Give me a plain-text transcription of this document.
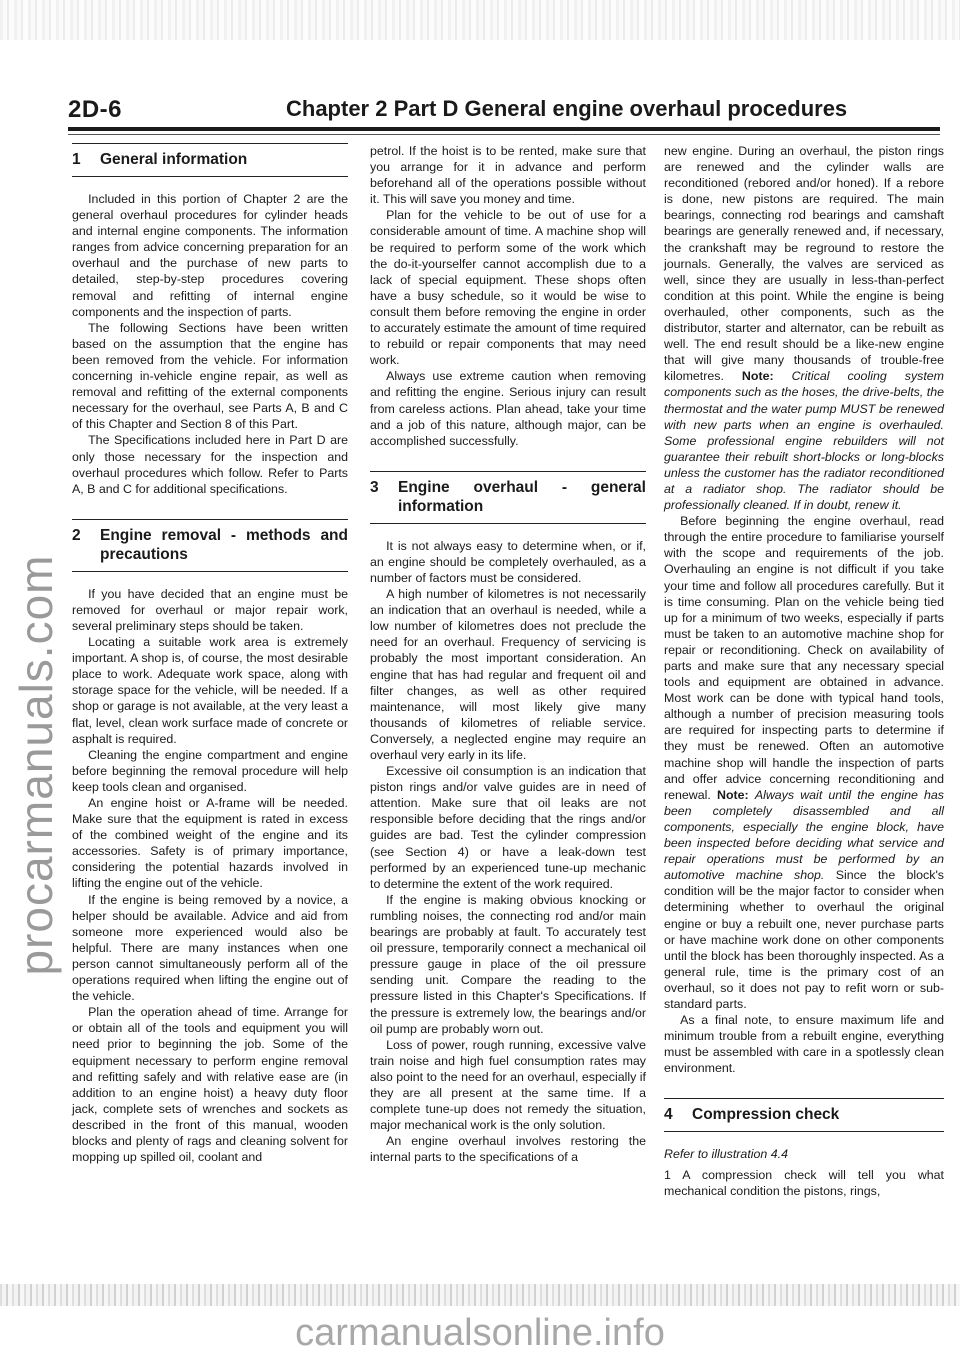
2D-6	Chapter 2 Part D General engine overhaul procedures
1	General information

Included in this portion of Chapter 2 are the general overhaul procedures for cylinder heads and internal engine components. The information ranges from advice concerning preparation for an overhaul and the purchase of new parts to detailed, step-by-step procedures covering removal and refitting of internal engine components and the inspection of parts.

The following Sections have been written based on the assumption that the engine has been removed from the vehicle. For information concerning in-vehicle engine repair, as well as removal and refitting of the external components necessary for the overhaul, see Parts A, B and C of this Chapter and Section 8 of this Part.

The Specifications included here in Part D are only those necessary for the inspection and overhaul procedures which follow. Refer to Parts A, B and C for additional specifications.

2	Engine removal - methods and precautions

If you have decided that an engine must be removed for overhaul or major repair work, several preliminary steps should be taken.

Locating a suitable work area is extremely important. A shop is, of course, the most desirable place to work. Adequate work space, along with storage space for the vehicle, will be needed. If a shop or garage is not available, at the very least a flat, level, clean work surface made of concrete or asphalt is required.

Cleaning the engine compartment and engine before beginning the removal procedure will help keep tools clean and organised.

An engine hoist or A-frame will be needed. Make sure that the equipment is rated in excess of the combined weight of the engine and its accessories. Safety is of primary importance, considering the potential hazards involved in lifting the engine out of the vehicle.

If the engine is being removed by a novice, a helper should be available. Advice and aid from someone more experienced would also be helpful. There are many instances when one person cannot simultaneously perform all of the operations required when lifting the engine out of the vehicle.

Plan the operation ahead of time. Arrange for or obtain all of the tools and equipment you will need prior to beginning the job. Some of the equipment necessary to perform engine removal and refitting safely and with relative ease are (in addition to an engine hoist) a heavy duty floor jack, complete sets of wrenches and sockets as described in the front of this manual, wooden blocks and plenty of rags and cleaning solvent for mopping up spilled oil, coolant and

petrol. If the hoist is to be rented, make sure that you arrange for it in advance and perform beforehand all of the operations possible without it. This will save you money and time.

Plan for the vehicle to be out of use for a considerable amount of time. A machine shop will be required to perform some of the work which the do-it-yourselfer cannot accomplish due to a lack of special equipment. These shops often have a busy schedule, so it would be wise to consult them before removing the engine in order to accurately estimate the amount of time required to rebuild or repair components that may need work.

Always use extreme caution when removing and refitting the engine. Serious injury can result from careless actions. Plan ahead, take your time and a job of this nature, although major, can be accomplished successfully.

3	Engine overhaul - general information

It is not always easy to determine when, or if, an engine should be completely overhauled, as a number of factors must be considered.

A high number of kilometres is not necessarily an indication that an overhaul is needed, while a low number of kilometres does not preclude the need for an overhaul. Frequency of servicing is probably the most important consideration. An engine that has had regular and frequent oil and filter changes, as well as other required maintenance, will most likely give many thousands of kilometres of reliable service. Conversely, a neglected engine may require an overhaul very early in its life.

Excessive oil consumption is an indication that piston rings and/or valve guides are in need of attention. Make sure that oil leaks are not responsible before deciding that the rings and/or guides are bad. Test the cylinder compression (see Section 4) or have a leak-down test performed by an experienced tune-up mechanic to determine the extent of the work required.

If the engine is making obvious knocking or rumbling noises, the connecting rod and/or main bearings are probably at fault. To accurately test oil pressure, temporarily connect a mechanical oil pressure gauge in place of the oil pressure sending unit. Compare the reading to the pressure listed in this Chapter's Specifications. If the pressure is extremely low, the bearings and/or oil pump are probably worn out.

Loss of power, rough running, excessive valve train noise and high fuel consumption rates may also point to the need for an overhaul, especially if they are all present at the same time. If a complete tune-up does not remedy the situation, major mechanical work is the only solution.

An engine overhaul involves restoring the internal parts to the specifications of a

new engine. During an overhaul, the piston rings are renewed and the cylinder walls are reconditioned (rebored and/or honed). If a rebore is done, new pistons are required. The main bearings, connecting rod bearings and camshaft bearings are generally renewed and, if necessary, the crankshaft may be reground to restore the journals. Generally, the valves are serviced as well, since they are usually in less-than-perfect condition at this point. While the engine is being overhauled, other components, such as the distributor, starter and alternator, can be rebuilt as well. The end result should be a like-new engine that will give many thousands of trouble-free kilometres. Note: Critical cooling system components such as the hoses, the drive-belts, the thermostat and the water pump MUST be renewed with new parts when an engine is overhauled. Some professional engine rebuilders will not guarantee their rebuilt short-blocks or long-blocks unless the customer has the radiator reconditioned at a radiator shop. The radiator should be professionally cleaned. If in doubt, renew it.

Before beginning the engine overhaul, read through the entire procedure to familiarise yourself with the scope and requirements of the job. Overhauling an engine is not difficult if you take your time and follow all procedures carefully. But it is time consuming. Plan on the vehicle being tied up for a minimum of two weeks, especially if parts must be taken to an automotive machine shop for repair or reconditioning. Check on availability of parts and make sure that any necessary special tools and equipment are obtained in advance. Most work can be done with typical hand tools, although a number of precision measuring tools are required for inspecting parts to determine if they must be renewed. Often an automotive machine shop will handle the inspection of parts and offer advice concerning reconditioning and renewal. Note: Always wait until the engine has been completely disassembled and all components, especially the engine block, have been inspected before deciding what service and repair operations must be performed by an automotive machine shop. Since the block's condition will be the major factor to consider when determining whether to overhaul the original engine or buy a rebuilt one, never purchase parts or have machine work done on other components until the block has been thoroughly inspected. As a general rule, time is the primary cost of an overhaul, so it does not pay to refit worn or sub-standard parts.

As a final note, to ensure maximum life and minimum trouble from a rebuilt engine, everything must be assembled with care in a spotlessly clean environment.

4	Compression check
Refer to illustration 4.4

1 A compression check will tell you what mechanical condition the pistons, rings,

procarmanuals.com
carmanualsonline.info
